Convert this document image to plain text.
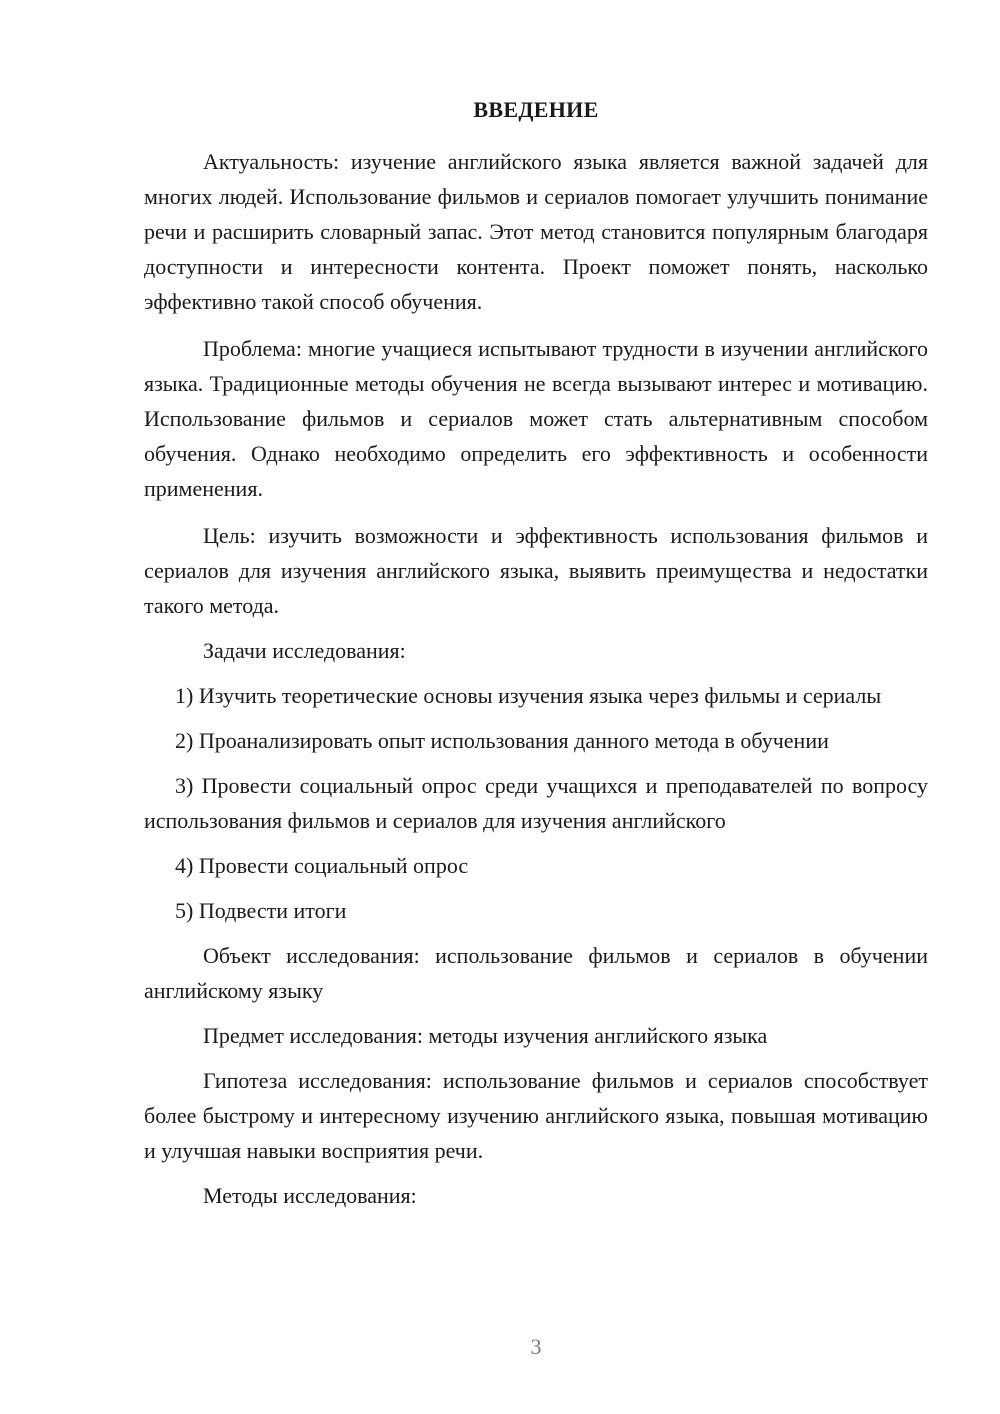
ВВЕДЕНИЕ

Актуальность: изучение английского языка является важной задачей для многих людей. Использование фильмов и сериалов помогает улучшить понимание речи и расширить словарный запас. Этот метод становится популярным благодаря доступности и интересности контента. Проект поможет понять, насколько эффективно такой способ обучения.

Проблема: многие учащиеся испытывают трудности в изучении английского языка. Традиционные методы обучения не всегда вызывают интерес и мотивацию. Использование фильмов и сериалов может стать альтернативным способом обучения. Однако необходимо определить его эффективность и особенности применения.

Цель: изучить возможности и эффективность использования фильмов и сериалов для изучения английского языка, выявить преимущества и недостатки такого метода.

Задачи исследования:

1) Изучить теоретические основы изучения языка через фильмы и сериалы

2) Проанализировать опыт использования данного метода в обучении

3) Провести социальный опрос среди учащихся и преподавателей по вопросу использования фильмов и сериалов для изучения английского

4) Провести социальный опрос

5) Подвести итоги

Объект исследования: использование фильмов и сериалов в обучении английскому языку

Предмет исследования: методы изучения английского языка

Гипотеза исследования: использование фильмов и сериалов способствует более быстрому и интересному изучению английского языка, повышая мотивацию и улучшая навыки восприятия речи.

Методы исследования:

3
